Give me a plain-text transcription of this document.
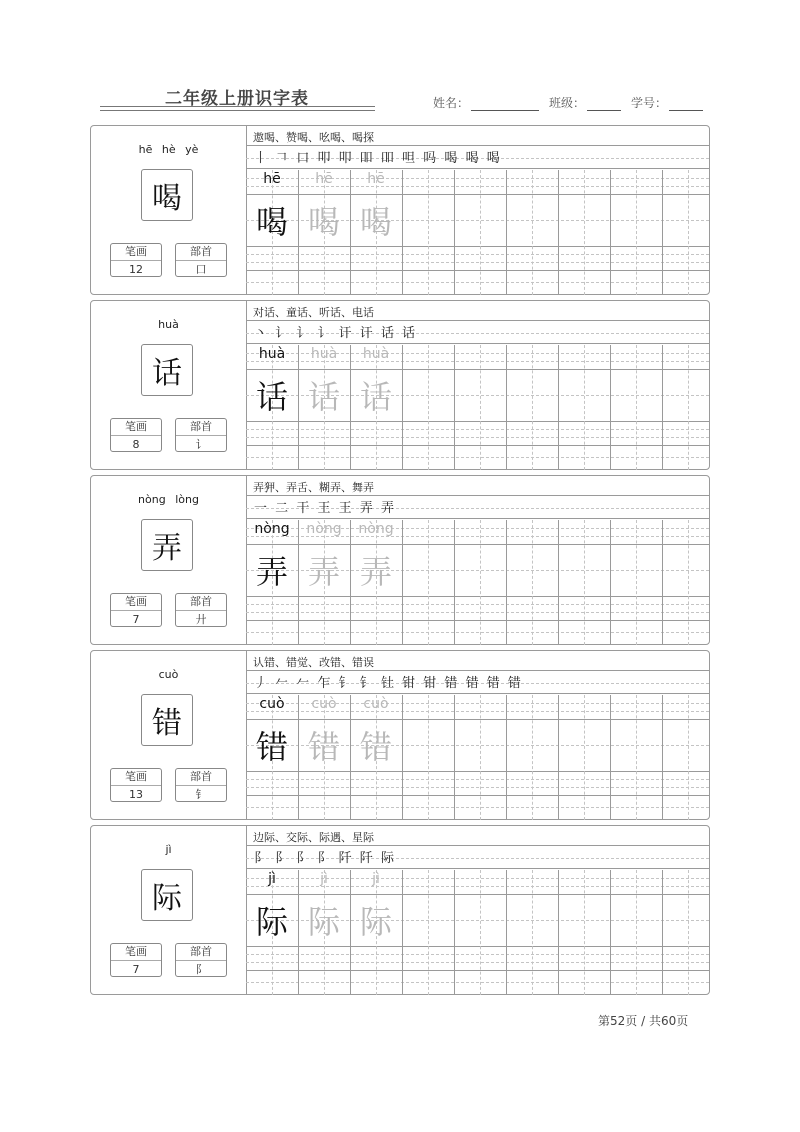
二年级上册识字表	姓名：	班级：	学号：
hē hè yè
喝
笔画
12
部首
口
遨喝、赞喝、吆喝、喝探
丨 𠃍 口 叩 叩 吅 吅 呾 吗 喝 喝 喝
hē	hē	hē
喝 喝 喝
huà
话
笔画
8
部首
讠
对话、童话、听话、电话
丶 讠 讠 讠 讦 讦 话 话
huà	huà	huà
话 话 话
nòng lòng
弄
笔画
7
部首
廾
弄狎、弄舌、糊弄、舞弄
一 二 干 王 王 弄 弄
nòng	nòng	nòng
弄 弄 弄
cuò
错
笔画
13
部首
钅
认错、错觉、改错、错误
丿 𠂉 𠂉 乍 钅 钅 钍 钳 钳 错 错 错 错
cuò	cuò	cuò
错 错 错
jì
际
笔画
7
部首
阝
边际、交际、际遇、星际
阝 阝 阝 阝 阡 阡 际
jì	jì	jì
际 际 际
第52页 / 共60页
